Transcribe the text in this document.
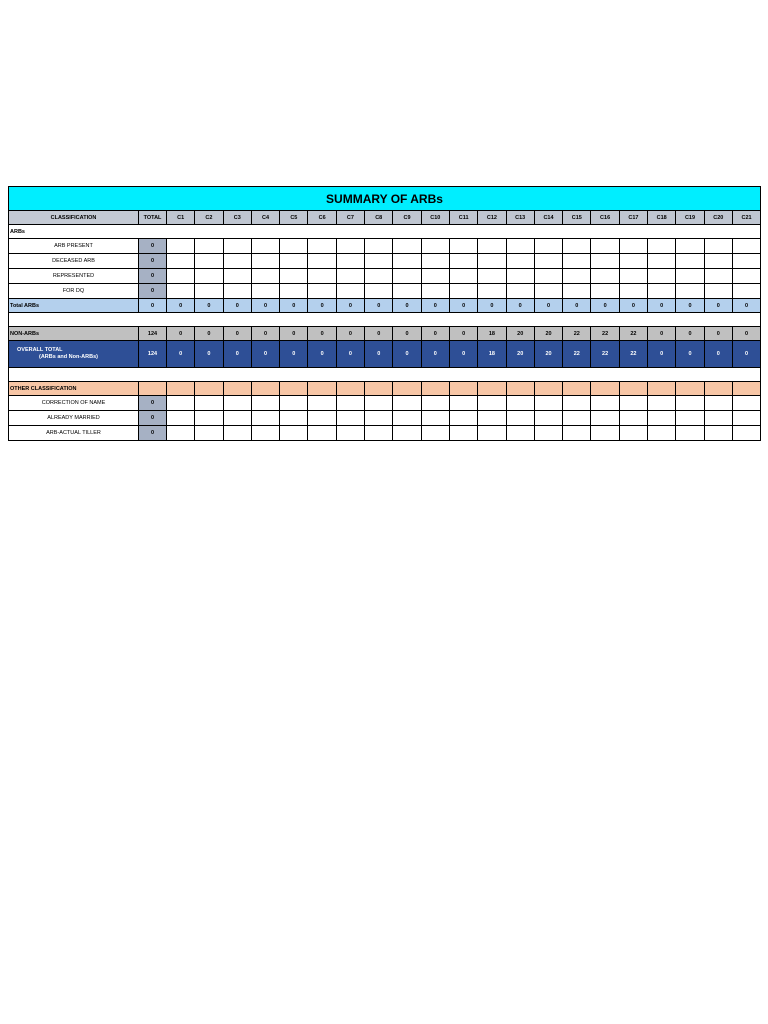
SUMMARY OF ARBs
CLASSIFICATION	TOTAL	C1	C2	C3	C4	C5	C6	C7	C8	C9	C10	C11	C12	C13	C14	C15	C16	C17	C18	C19	C20	C21
ARBs																						
ARB PRESENT	0																					
DECEASED ARB	0																					
REPRESENTED	0																					
FOR DQ	0																					
Total ARBs	0	0	0	0	0	0	0	0	0	0	0	0	0	0	0	0	0	0	0	0	0	0

NON-ARBs	124	0	0	0	0	0	0	0	0	0	0	0	18	20	20	22	22	22	0	0	0	0

OVERALL TOTAL
(ARBs and Non-ARBs)	124	0	0	0	0	0	0	0	0	0	0	0	18	20	20	22	22	22	0	0	0	0

OTHER CLASSIFICATION																						
CORRECTION OF NAME	0																					
ALREADY MARRIED	0																					
ARB-ACTUAL TILLER	0																					
